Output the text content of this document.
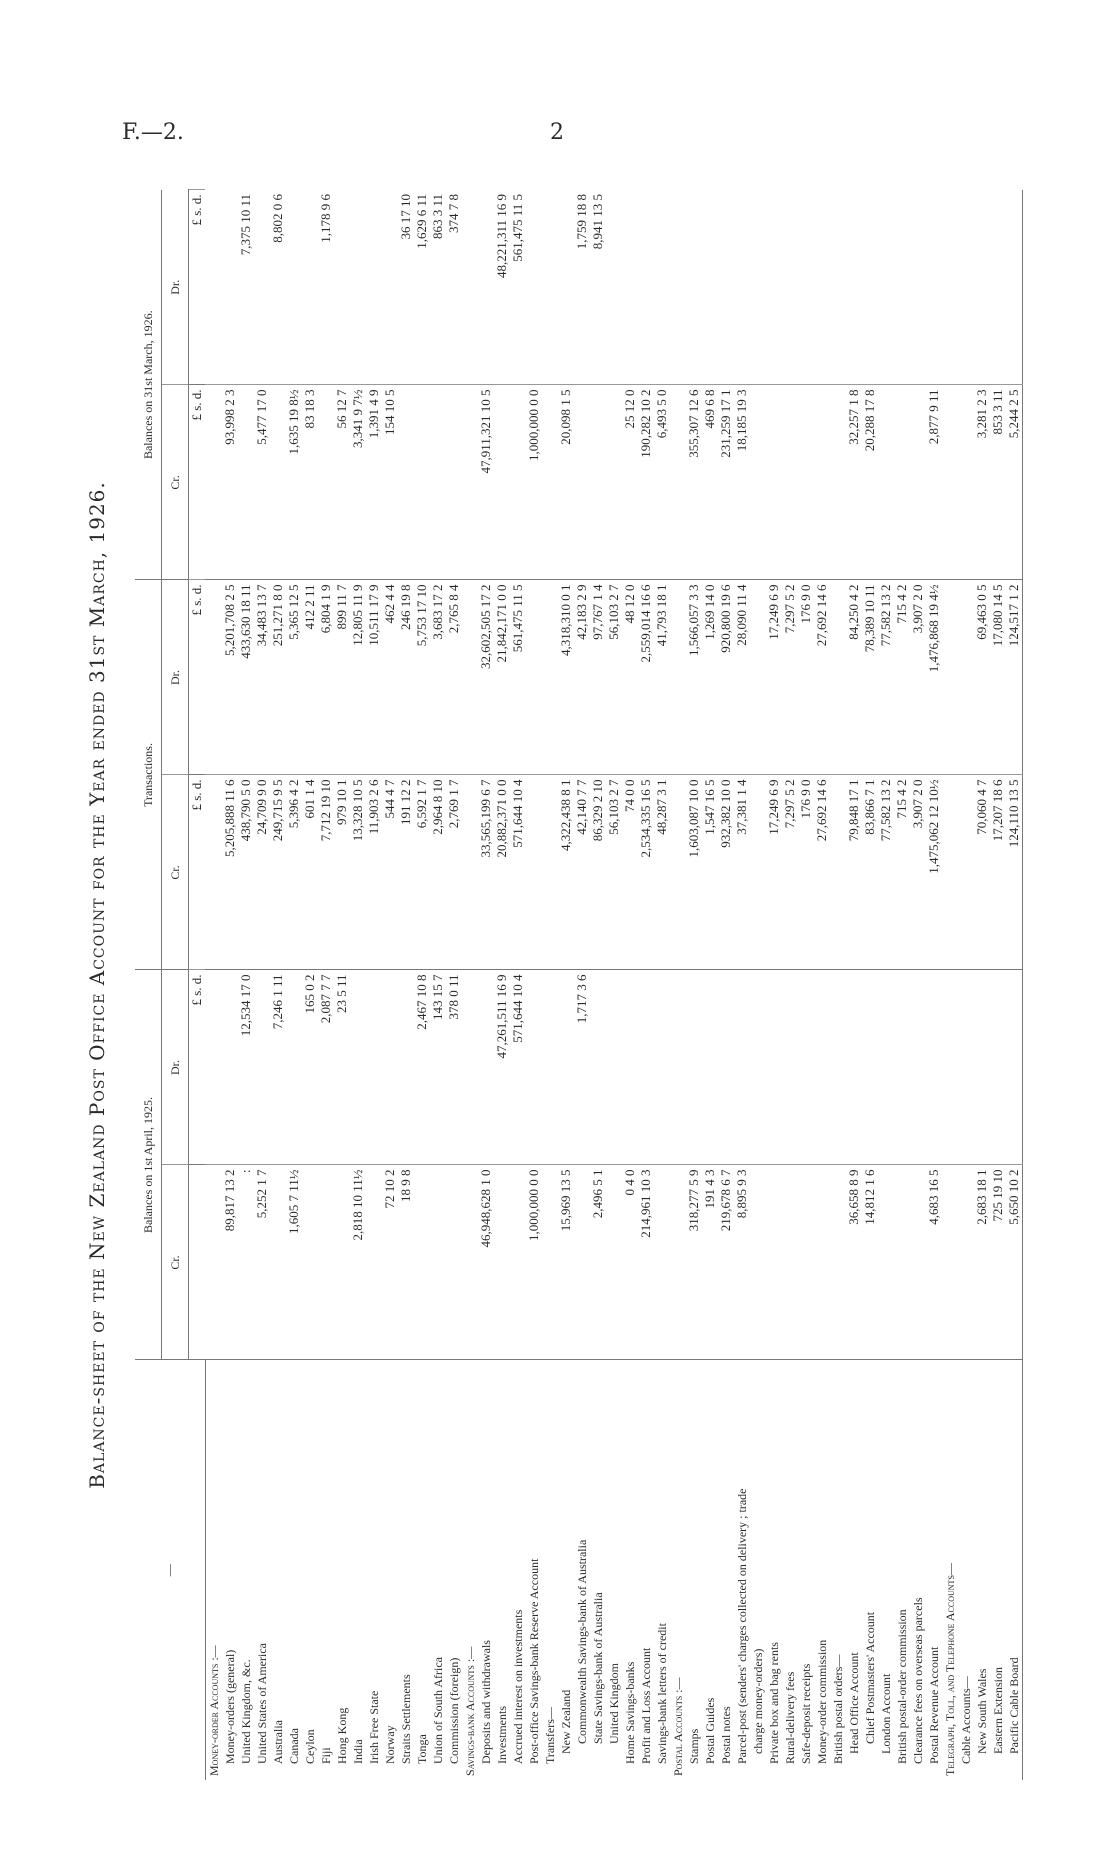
F.—2.	2
Balance-sheet of the New Zealand Post Office Account for the Year ended 31st March, 1926.
—	Balances on 1st April, 1925.		Transactions.		Balances on 31st March, 1926.		
	Cr.	Dr.	Cr.	Dr.	Cr.	Dr.	
		£ s. d.	£ s. d.	£ s. d.	£ s. d.	£ s. d.	
Money-order Accounts :—							
Money-orders (general)	89,817 13 2		5,205,888 11 6	5,201,708 2 5	93,998 2 3		
United Kingdom, &c.	:	12,534 17 0	438,790 5 0	433,630 18 11		7,375 10 11	
United States of America	5,252 1 7		24,709 9 0	34,483 13 7	5,477 17 0		
Australia		7,246 1 11	249,715 9 5	251,271 8 0		8,802 0 6	
Canada	1,605 7 11½		5,396 4 2	5,365 12 5	1,635 19 8½		
Ceylon		165 0 2	601 1 4	412 2 11	83 18 3		
Fiji		2,087 7 7	7,712 19 10	6,804 1 9		1,178 9 6	
Hong Kong		23 5 11	979 10 1	899 11 7	56 12 7		
India	2,818 10 11½		13,328 10 5	12,805 11 9	3,341 9 7½		
Irish Free State			11,903 2 6	10,511 17 9	1,391 4 9		
Norway	72 10 2		544 4 7	462 4 4	154 10 5		
Straits Settlements	18 9 8		191 12 2	246 19 8		36 17 10	
Tonga		2,467 10 8	6,592 1 7	5,753 17 10		1,629 6 11	
Union of South Africa		143 15 7	2,964 8 10	3,683 17 2		863 3 11	
Commission (foreign)		378 0 11	2,769 1 7	2,765 8 4		374 7 8	
Savings-bank Accounts :—							
Deposits and withdrawals	46,948,628 1 0		33,565,199 6 7	32,602,505 17 2	47,911,321 10 5		
Investments		47,261,511 16 9	20,882,371 0 0	21,842,171 0 0		48,221,311 16 9	
Accrued interest on investments		571,644 10 4	571,644 10 4	561,475 11 5		561,475 11 5	
Post-office Savings-bank Reserve Account	1,000,000 0 0				1,000,000 0 0		
Transfers—							
New Zealand	15,969 13 5		4,322,438 8 1	4,318,310 0 1	20,098 1 5		
Commonwealth Savings-bank of Australia		1,717 3 6	42,140 7 7	42,183 2 9		1,759 18 8	
State Savings-bank of Australia	2,496 5 1		86,329 2 10	97,767 1 4		8,941 13 5	
United Kingdom			56,103 2 7	56,103 2 7			
Home Savings-banks	0 4 0		74 0 0	48 12 0	25 12 0		
Profit and Loss Account	214,961 10 3		2,534,335 16 5	2,559,014 16 6	190,282 10 2		
Savings-bank letters of credit			48,287 3 1	41,793 18 1	6,493 5 0		
Postal Accounts :—							
Stamps	318,277 5 9		1,603,087 10 0	1,566,057 3 3	355,307 12 6		
Postal Guides	191 4 3		1,547 16 5	1,269 14 0	469 6 8		
Postal notes	219,678 6 7		932,382 10 0	920,800 19 6	231,259 17 1		
Parcel-post (senders' charges collected on delivery ; trade	8,895 9 3		37,381 1 4	28,090 11 4	18,185 19 3		
charge money-orders)							
Private box and bag rents			17,249 6 9	17,249 6 9			
Rural-delivery fees			7,297 5 2	7,297 5 2			
Safe-deposit receipts			176 9 0	176 9 0			
Money-order commission			27,692 14 6	27,692 14 6			
British postal orders—							
Head Office Account	36,658 8 9		79,848 17 1	84,250 4 2	32,257 1 8		
Chief Postmasters' Account	14,812 1 6		83,866 7 1	78,389 10 11	20,288 17 8		
London Account			77,582 13 2	77,582 13 2			
British postal-order commission			715 4 2	715 4 2			
Clearance fees on overseas parcels			3,907 2 0	3,907 2 0			
Postal Revenue Account	4,683 16 5		1,475,062 12 10½	1,476,868 19 4½	2,877 9 11		
Telegraph, Toll, and Telephone Accounts—							
Cable Accounts—							
New South Wales	2,683 18 1		70,060 4 7	69,463 0 5	3,281 2 3		
Eastern Extension	725 19 10		17,207 18 6	17,080 14 5	853 3 11		
Pacific Cable Board	5,650 10 2		124,110 13 5	124,517 1 2	5,244 2 5		
